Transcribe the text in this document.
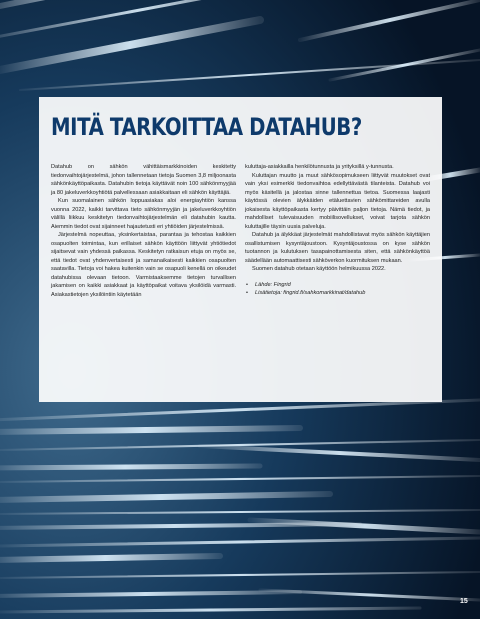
MITÄ TARKOITTAA DATAHUB?

Datahub on sähkön vähittäismarkkinoiden keskitetty tiedonvaihtojärjestelmä, johon tallennetaan tietoja Suomen 3,8 miljoonasta sähkönkäyttöpaikasta. Datahubin tietoja käyttävät noin 100 sähkönmyyjää ja 80 jakeluverkkoyhtiötä palvellessaan asiakkaitaan eli sähkön käyttäjiä.

Kun suomalainen sähkön loppuasiakas aloi energiayhtiön kanssa vuonna 2022, kaikki tarvittava tieto sähkönmyyjän ja jakeluverkkoyhtiön välillä liikkuu keskitetyn tiedonvaihtojärjestelmän eli datahubin kautta. Aiemmin tiedot ovat sijainneet hajautetusti eri yhtiöiden järjestelmissä.

Järjestelmä nopeuttaa, yksinkertaistaa, parantaa ja tehostaa kaikkien osapuolten toimintaa, kun erillaiset sähkön käyttöön liittyvät yhtiötiedot sijaitsevat vain yhdessä paikassa. Keskitetyn ratkaisun etuja on myös se, että tiedot ovat yhdenvertaisesti ja samanaikaisesti kaikkien osapuolten saatavilla. Tietoja voi hakea kuitenkin vain se osapuoli kenellä on oikeudet datahubissa olevaan tietoon. Varmistaaksemme tietojen turvallisen jakamisen on kaikki asiakkaat ja käyttöpaikat voitava yksilöidä varmasti. Asiakastietojen yksilöintiin käytetään

kuluttaja-asiakkailla henkilötunnusta ja yrityksillä y-tunnusta.

Kuluttajan muutto ja muut sähkösopimukseen liittyvät muutokset ovat vain yksi esimerkki tiedonvaihtoa edellyttävästä tilanteista. Datahub voi myös käsitellä ja jalostaa sinne tallennettua tietoa. Suomessa laajasti käytössä olevien älykkäiden etäluettavien sähkömittareiden avulla jokaisesta käyttöpaikasta kertyy päivittäin paljon tietoja. Nämä tiedot, ja mahdolliset tulevaisuuden mobiilisovellukset, voivat tarjota sähkön kuluttajille täysin uusia palveluja.

Datahub ja älykkäat järjestelmät mahdollistavat myös sähkön käyttäjien osallistumisen kysyntäjoustoon. Kysyntäjoustossa on kyse sähkön tuotannon ja kulutuksen tasapainottamisesta siten, että sähkönkäyttöä säädellään automaattisesti sähköverkon kuormituksen mukaan.

Suomen datahub otetaan käyttöön helmikuussa 2022.

• Lähde: Fingrid
• Lisätietoja: fingrid.fi/sahkomarkkinat/datahub
15
